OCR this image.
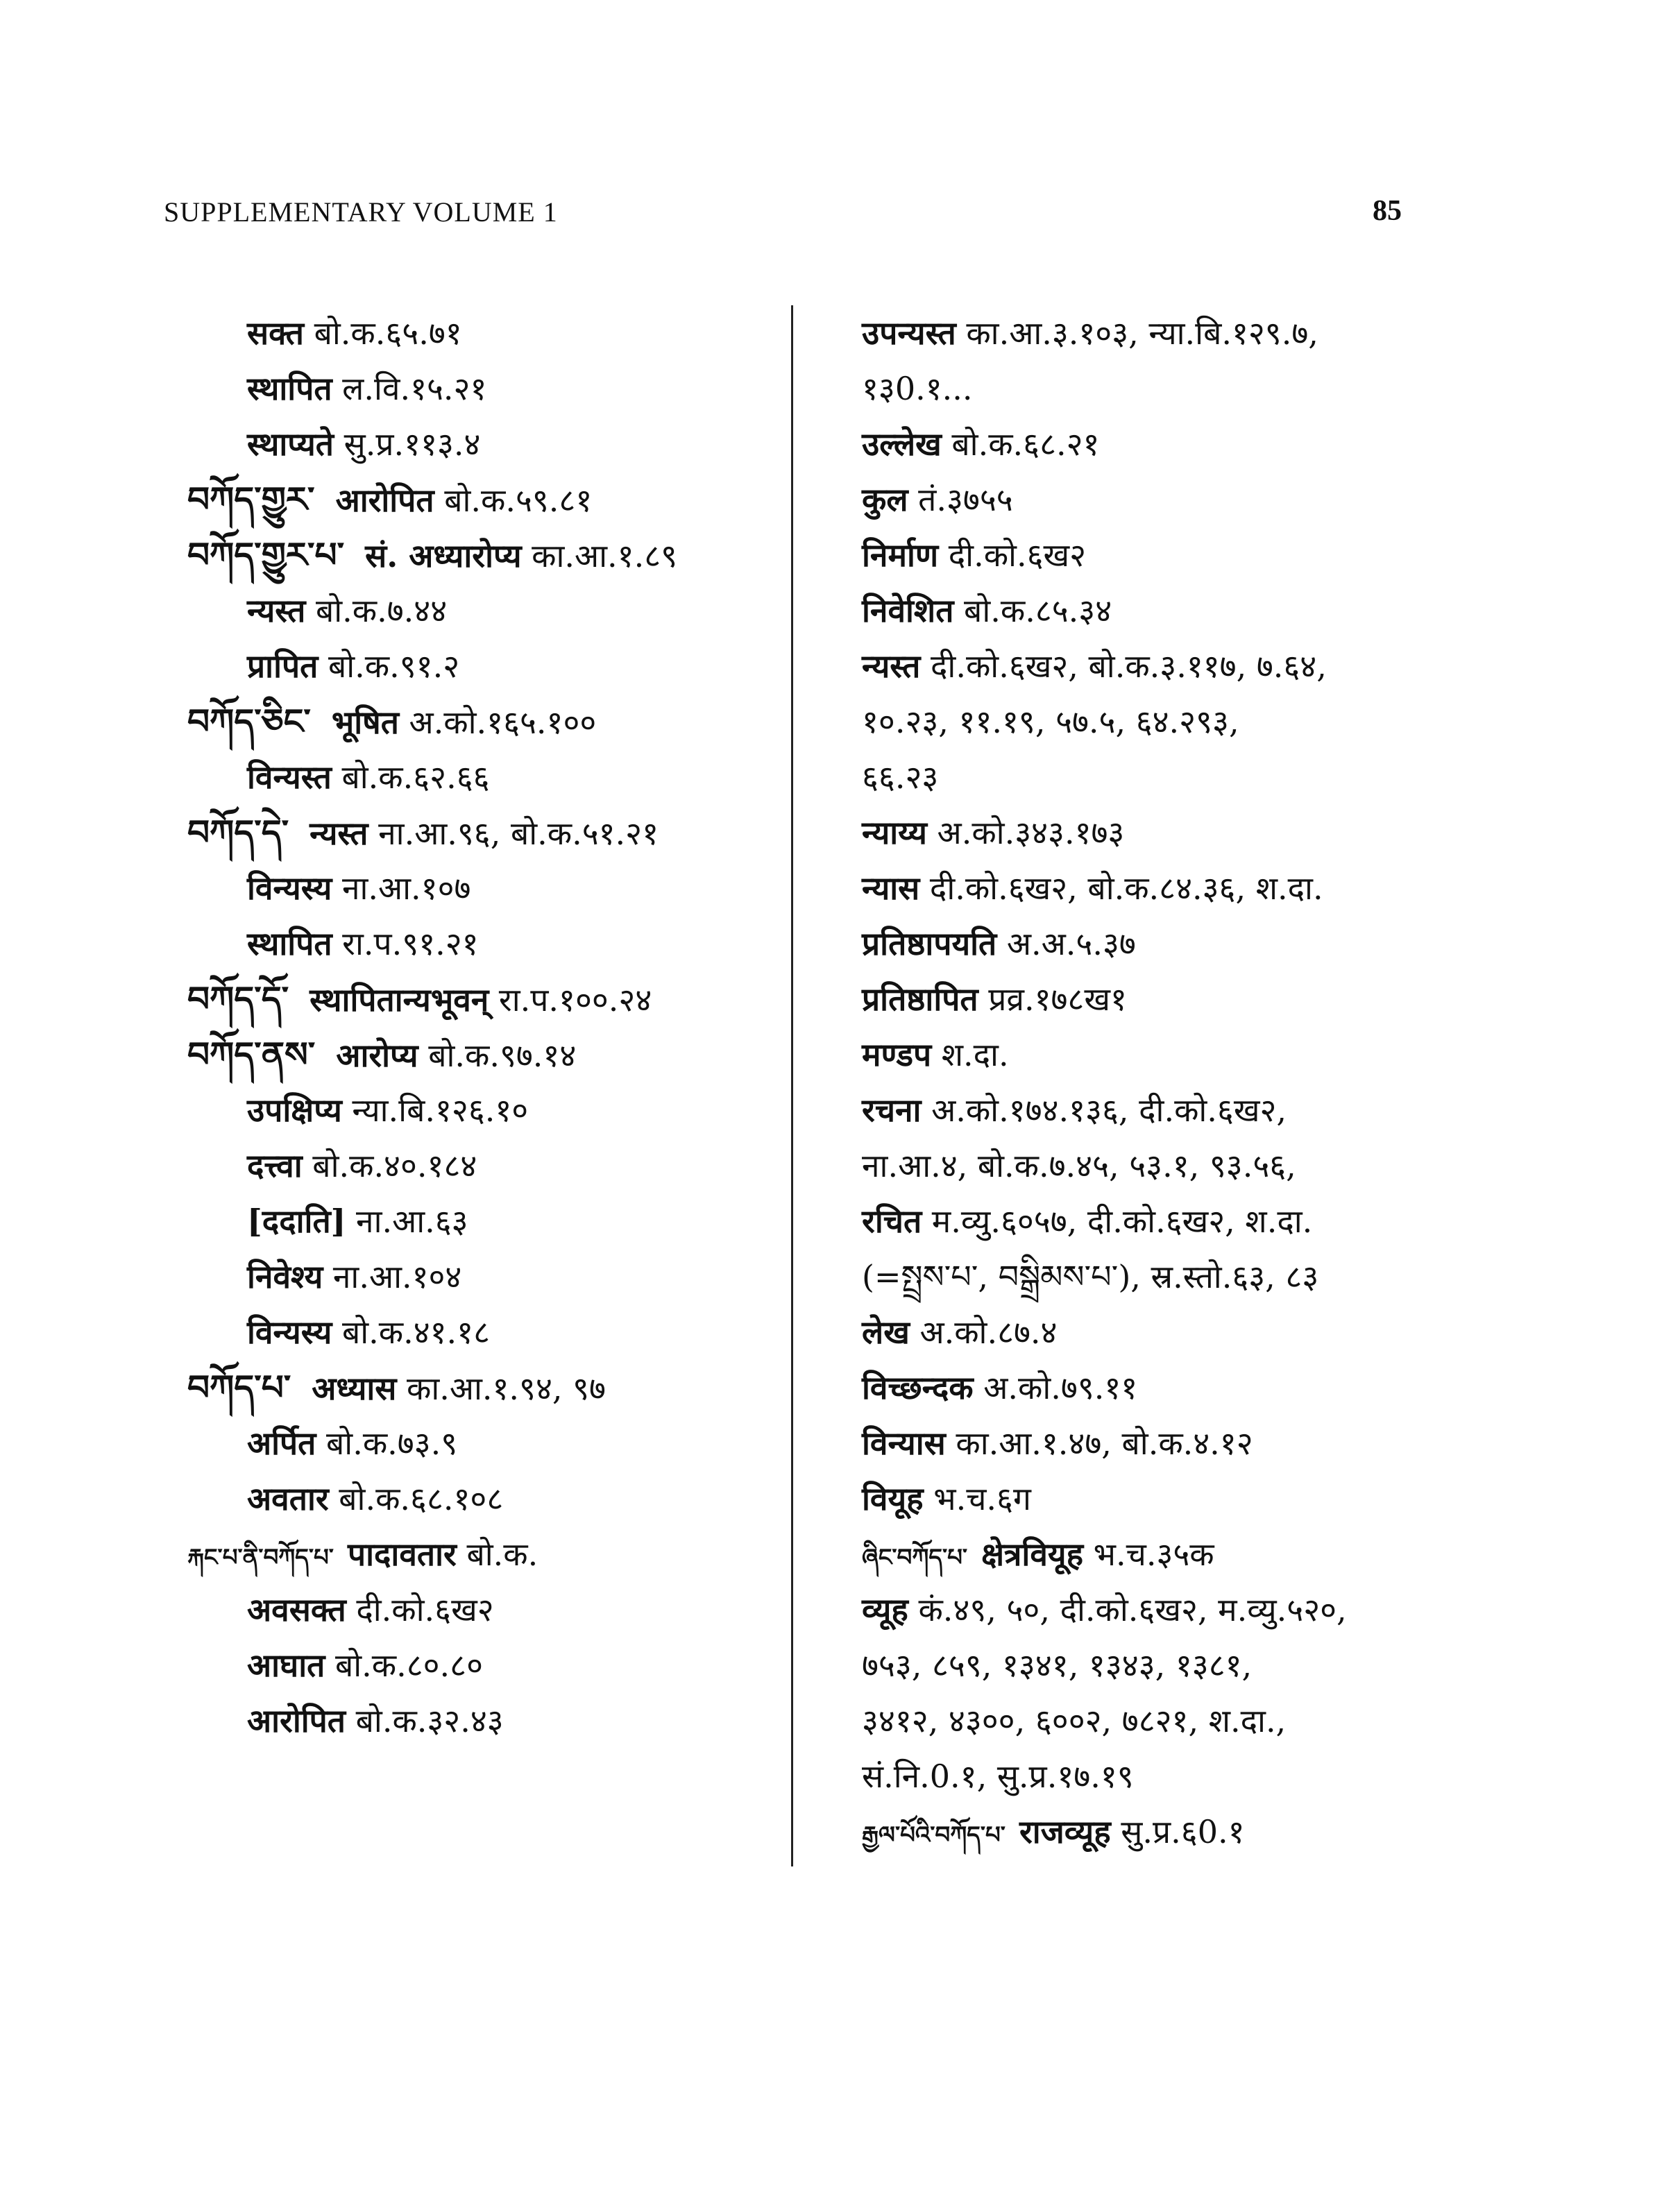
SUPPLEMENTARY VOLUME 1	85
सक्त बो.क.६५.७१
स्थापित ल.वि.१५.२१
स्थाप्यते सु.प्र.११३.४
བཀོད་གྱུར་ आरोपित बो.क.५९.८१
བཀོད་གྱུར་པ་ सं. अध्यारोप्य का.आ.१.८९
न्यस्त बो.क.७.४४
प्रापित बो.क.९१.२
བཀོད་ཅིང་ भूषित अ.को.१६५.१००
विन्यस्त बो.क.६२.६६
བཀོད་དེ་ न्यस्त ना.आ.९६, बो.क.५१.२१
विन्यस्य ना.आ.१०७
स्थापित रा.प.९१.२१
བཀོད་དོ་ स्थापितान्यभूवन् रा.प.१००.२४
བཀོད་ནས་ आरोप्य बो.क.९७.१४
उपक्षिप्य न्या.बि.१२६.१०
दत्त्वा बो.क.४०.१८४
[ददाति] ना.आ.६३
निवेश्य ना.आ.१०४
विन्यस्य बो.क.४१.१८
བཀོད་པ་ अध्यास का.आ.१.९४, ९७
अर्पित बो.क.७३.९
अवतार बो.क.६८.१०८
རྐང་པ་ནི་བཀོད་པ་ पादावतार बो.क.
अवसक्त दी.को.६ख२
आघात बो.क.८०.८०
आरोपित बो.क.३२.४३
उपन्यस्त का.आ.३.१०३, न्या.बि.१२९.७,
१३0.१...
उल्लेख बो.क.६८.२१
कुल तं.३७५५
निर्माण दी.को.६ख२
निवेशित बो.क.८५.३४
न्यस्त दी.को.६ख२, बो.क.३.११७, ७.६४,
१०.२३, ११.१९, ५७.५, ६४.२९३,
६६.२३
न्याय्य अ.को.३४३.१७३
न्यास दी.को.६ख२, बो.क.८४.३६, श.दा.
प्रतिष्ठापयति अ.अ.५.३७
प्रतिष्ठापित प्रव्र.१७८ख१
मण्डप श.दा.
रचना अ.को.१७४.१३६, दी.को.६ख२,
ना.आ.४, बो.क.७.४५, ५३.१, ९३.५६,
रचित म.व्यु.६०५७, दी.को.६ख२, श.दा.
(=སྤྲས་པ་, བསྒྲིམས་པ་), स्र.स्तो.६३, ८३
लेख अ.को.८७.४
विच्छन्दक अ.को.७९.११
विन्यास का.आ.१.४७, बो.क.४.१२
वियूह भ.च.६ग
ཞིང་བཀོད་པ་ क्षेत्रवियूह भ.च.३५क
व्यूह कं.४९, ५०, दी.को.६ख२, म.व्यु.५२०,
७५३, ८५९, १३४१, १३४३, १३८१,
३४१२, ४३००, ६००२, ७८२१, श.दा.,
सं.नि.0.१, सु.प्र.१७.१९
རྒྱལ་པོའི་བཀོད་པ་ राजव्यूह सु.प्र.६0.१
